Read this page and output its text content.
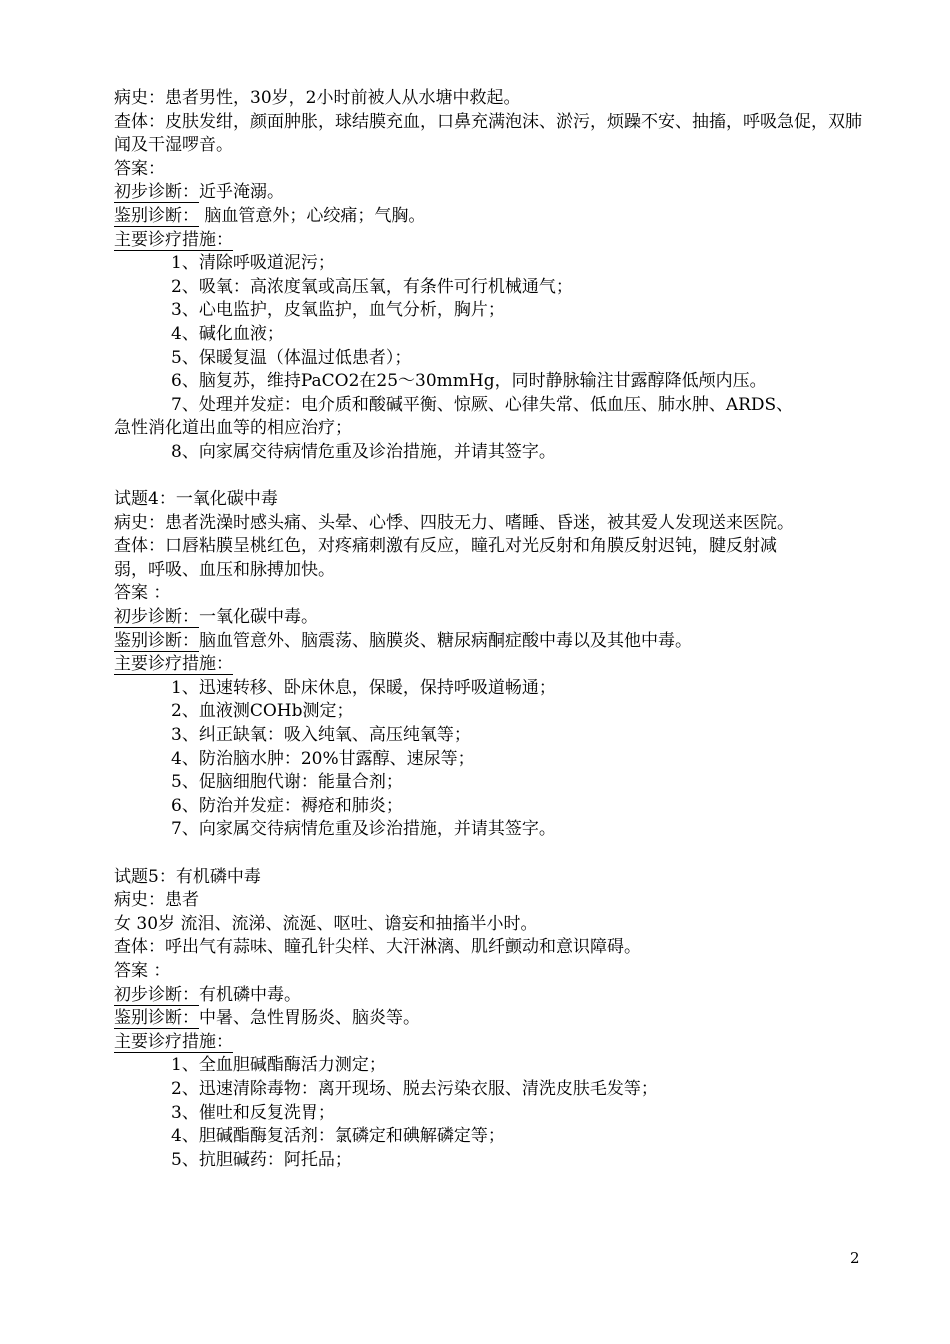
病史：患者男性，30岁，2小时前被人从水塘中救起。
查体：皮肤发绀，颜面肿胀，球结膜充血，口鼻充满泡沫、淤污，烦躁不安、抽搐，呼吸急促，双肺闻及干湿啰音。
答案：
初步诊断：近乎淹溺。
鉴别诊断： 脑血管意外；心绞痛；气胸。
主要诊疗措施：
1、清除呼吸道泥污；
2、吸氧：高浓度氧或高压氧，有条件可行机械通气；
3、心电监护，皮氧监护，血气分析，胸片；
4、碱化血液；
5、保暖复温（体温过低患者）；
6、脑复苏，维持PaCO2在25～30mmHg，同时静脉输注甘露醇降低颅内压。
7、处理并发症：电介质和酸碱平衡、惊厥、心律失常、低血压、肺水肿、ARDS、
急性消化道出血等的相应治疗；
8、向家属交待病情危重及诊治措施，并请其签字。
试题4：一氧化碳中毒
病史：患者洗澡时感头痛、头晕、心悸、四肢无力、嗜睡、昏迷，被其爱人发现送来医院。
查体：口唇粘膜呈桃红色，对疼痛刺激有反应，瞳孔对光反射和角膜反射迟钝，腱反射减
弱，呼吸、血压和脉搏加快。
答案 ：
初步诊断：一氧化碳中毒。
鉴别诊断：脑血管意外、脑震荡、脑膜炎、糖尿病酮症酸中毒以及其他中毒。
主要诊疗措施：
1、迅速转移、卧床休息，保暖，保持呼吸道畅通；
2、血液测COHb测定；
3、纠正缺氧：吸入纯氧、高压纯氧等；
4、防治脑水肿：20%甘露醇、速尿等；
5、促脑细胞代谢：能量合剂；
6、防治并发症：褥疮和肺炎；
7、向家属交待病情危重及诊治措施，并请其签字。
试题5：有机磷中毒
病史：患者
女 30岁 流泪、流涕、流涎、呕吐、谵妄和抽搐半小时。
查体：呼出气有蒜味、瞳孔针尖样、大汗淋漓、肌纤颤动和意识障碍。
答案 ：
初步诊断：有机磷中毒。
鉴别诊断：中暑、急性胃肠炎、脑炎等。
主要诊疗措施：
1、全血胆碱酯酶活力测定；
2、迅速清除毒物：离开现场、脱去污染衣服、清洗皮肤毛发等；
3、催吐和反复洗胃；
4、胆碱酯酶复活剂：氯磷定和碘解磷定等；
5、抗胆碱药：阿托品；
2
